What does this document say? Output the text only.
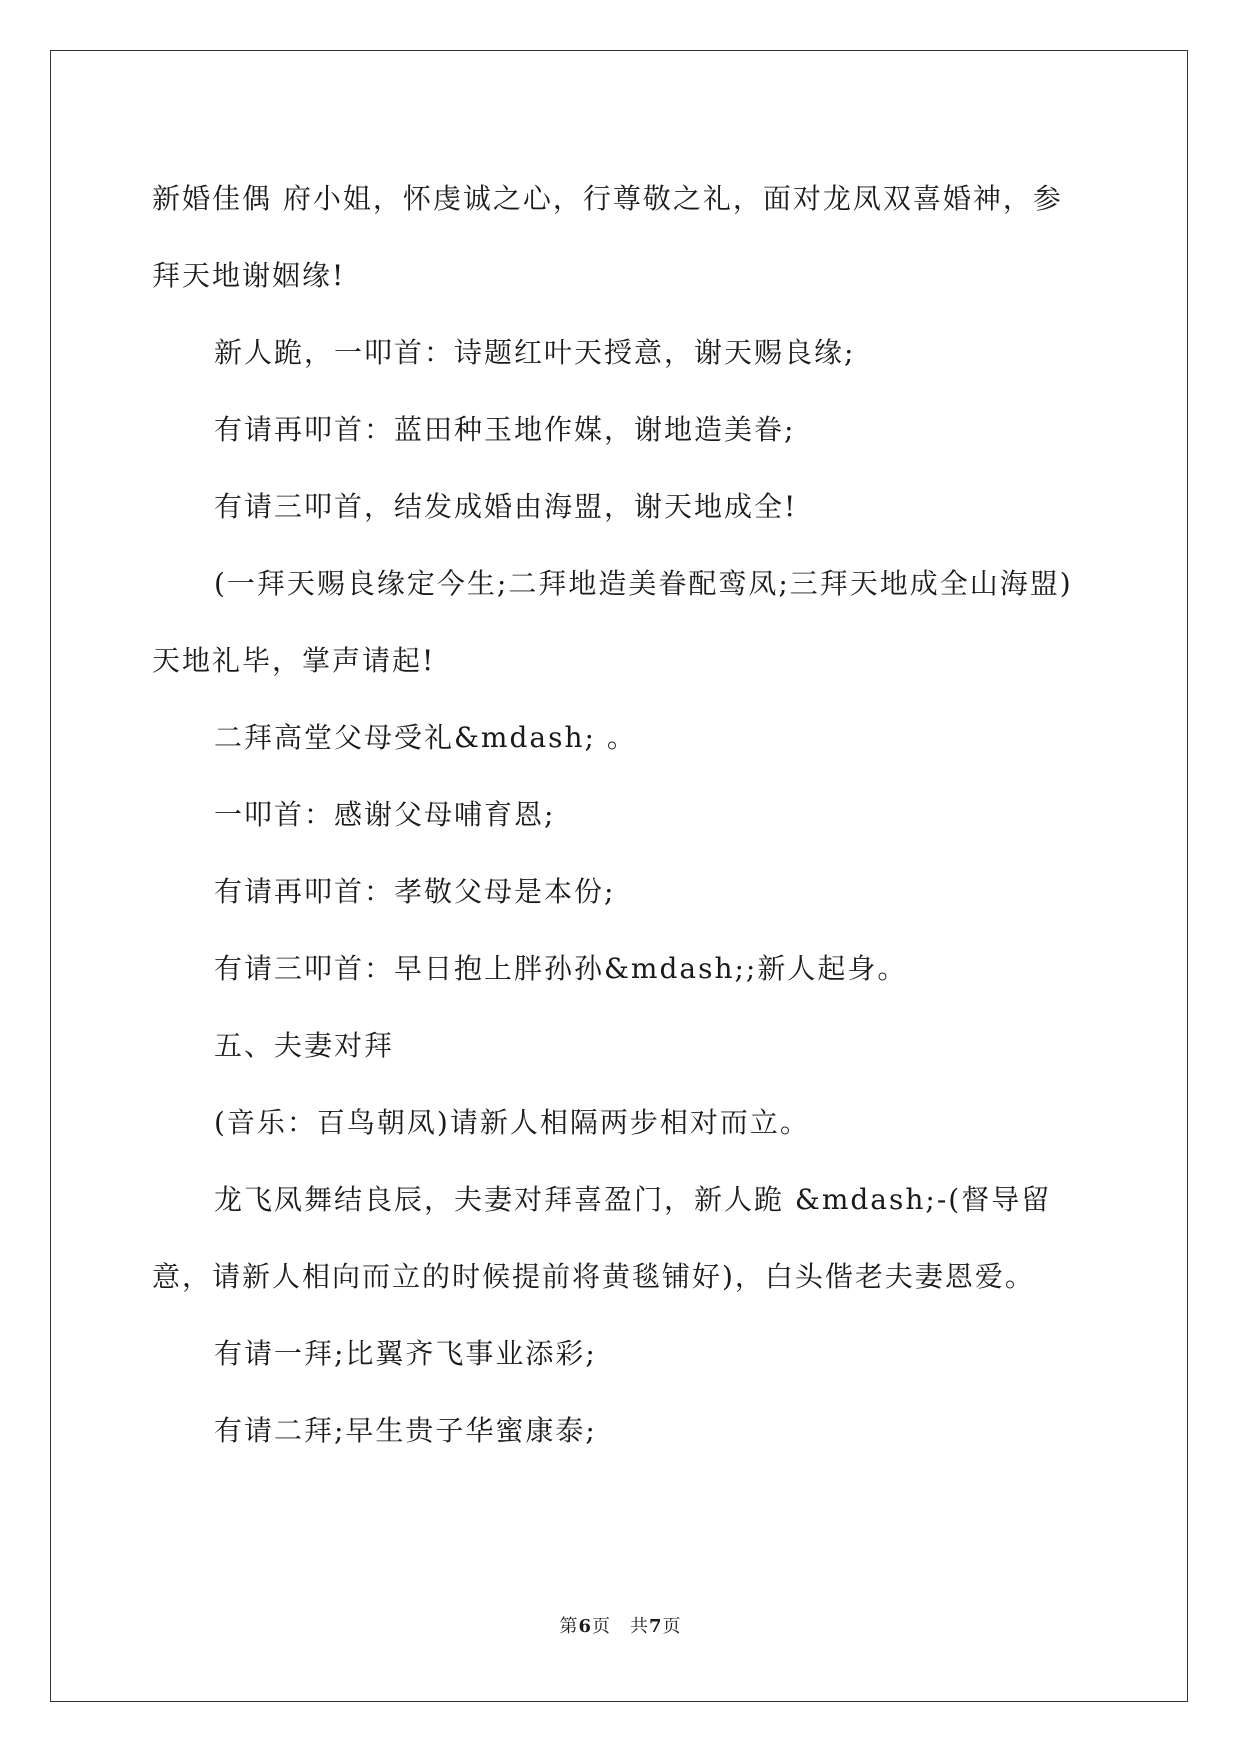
新婚佳偶 府小姐，怀虔诚之心，行尊敬之礼，面对龙凤双喜婚神，参拜天地谢姻缘!

新人跪，一叩首：诗题红叶天授意，谢天赐良缘;

有请再叩首：蓝田种玉地作媒，谢地造美眷;

有请三叩首，结发成婚由海盟，谢天地成全!

(一拜天赐良缘定今生;二拜地造美眷配鸾凤;三拜天地成全山海盟)天地礼毕，掌声请起!

二拜高堂父母受礼&mdash; 。

一叩首：感谢父母哺育恩;

有请再叩首：孝敬父母是本份;

有请三叩首：早日抱上胖孙孙&mdash;;新人起身。

五、夫妻对拜

(音乐：百鸟朝凤)请新人相隔两步相对而立。

龙飞凤舞结良辰，夫妻对拜喜盈门，新人跪 &mdash;-(督导留意，请新人相向而立的时候提前将黄毯铺好)，白头偕老夫妻恩爱。

有请一拜;比翼齐飞事业添彩;

有请二拜;早生贵子华蜜康泰;

第6页　共7页
